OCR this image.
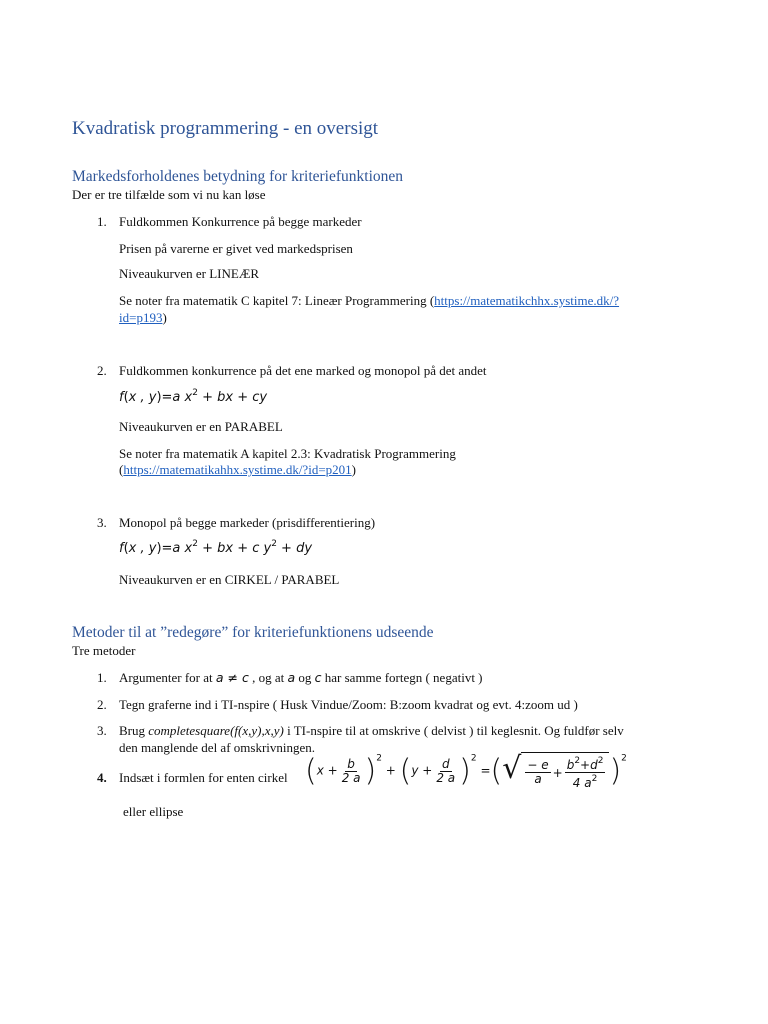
Kvadratisk programmering - en oversigt
Markedsforholdenes betydning for kriteriefunktionen
Der er tre tilfælde som vi nu kan løse
1. Fuldkommen Konkurrence på begge markeder
Prisen på varerne er givet ved markedsprisen
Niveaukurven er LINEÆR
Se noter fra matematik C kapitel 7: Lineær Programmering (https://matematikchhx.systime.dk/?
id=p193)
2. Fuldkommen konkurrence på det ene marked og monopol på det andet
f(x , y)=a $x^2$ + bx + cy
Niveaukurven er en PARABEL
Se noter fra matematik A kapitel 2.3: Kvadratisk Programmering
(https://matematikahhx.systime.dk/?id=p201)
3. Monopol på begge markeder (prisdifferentiering)
f(x , y)=a $x^2$ + bx + c $y^2$ + dy
Niveaukurven er en CIRKEL / PARABEL
Metoder til at ”redegøre” for kriteriefunktionens udseende
Tre metoder
1. Argumenter for at a ≠ c , og at a og c har samme fortegn ( negativt )
2. Tegn graferne ind i TI-nspire ( Husk Vindue/Zoom: B:zoom kvadrat og evt. 4:zoom ud )
3. Brug completesquare(f(x,y),x,y) i TI-nspire til at omskrive ( delvist ) til keglesnit. Og fuldfør selv
den manglende del af omskrivningen.
4. Indsæt i formlen for enten cirkel $(x + \frac{b}{2 a} )^2 + (y + \frac{d}{2 a} )^2$ =( √ $\frac{- e}{a} + \frac{b^2+d^2}{4 a^2} )^2$
eller ellipse
